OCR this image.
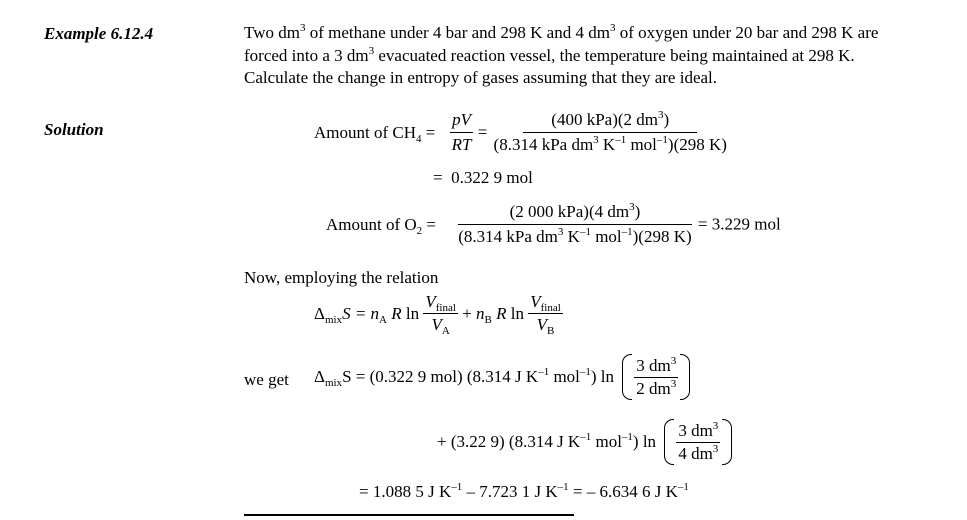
Example 6.12.4
Solution
Two $dm^3$ of methane under 4 bar and 298 K and 4 $dm^3$ of oxygen under 20 bar and 298 K are forced into a 3 $dm^3$ evacuated reaction vessel, the temperature being maintained at 298 K. Calculate the change in entropy of gases assuming that they are ideal.
Amount of $CH_4 = \frac{pV}{RT} = \frac{(400 kPa)(2 dm^3)}{(8.314 kPa dm^3 K^{-1} mol^{-1})(298 K)}$
= 0.322 9 mol
Amount of $O_2 = \frac{(2 000 kPa)(4 dm^3)}{(8.314 kPa dm^3 K^{-1} mol^{-1})(298 K)} = 3.229$ mol
Now, employing the relation
$\Delta_{mix}S = n_A$ R $\ln \frac{V_{final}}{V_A} + n_B$ R $\ln \frac{V_{final}}{V_B}$
we get $\Delta_{mix}S = (0.322$ 9 mol) (8.314 J $K^{-1}$ mol$^{-1}$) $\ln \frac{3 dm^3}{2 dm^3}$
+ (3.22 9) (8.314 J $K^{-1}$ mol$^{-1}$) $\ln \frac{3 dm^3}{4 dm^3}$
= 1.088 5 J $K^{-1} - 7.723$ 1 J $K^{-1}$ = – 6.634 6 J $K^{-1}$
